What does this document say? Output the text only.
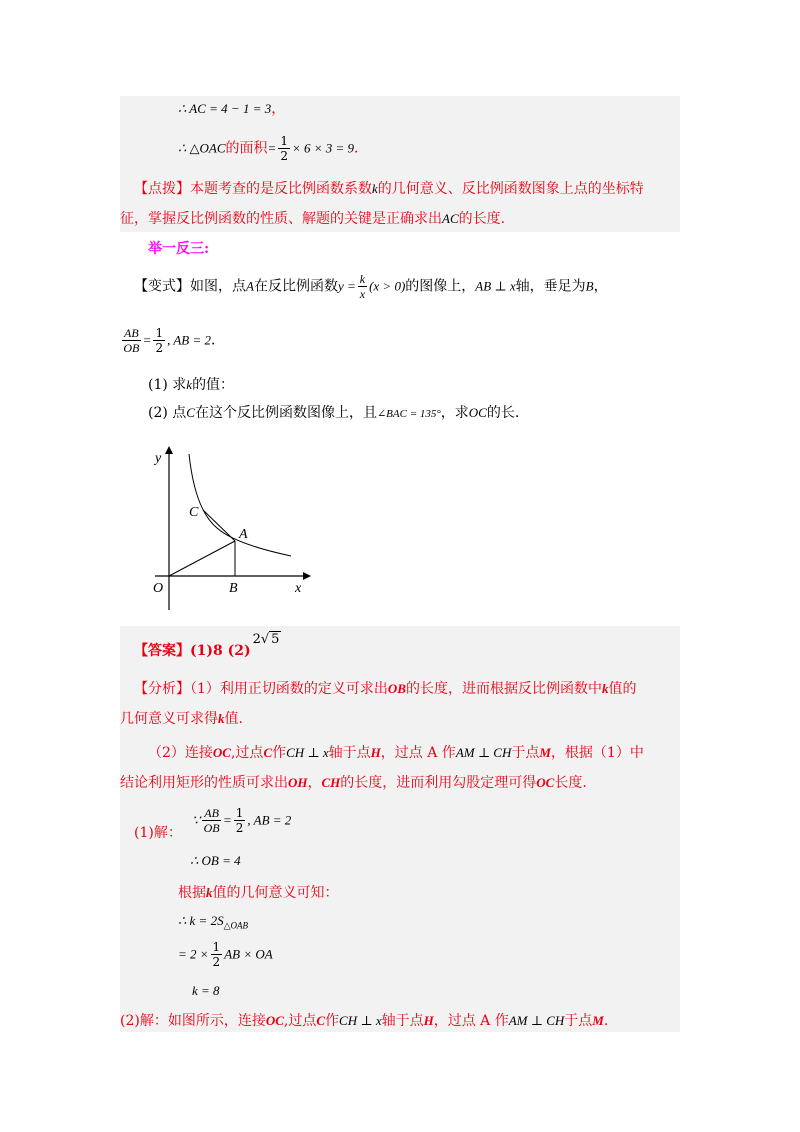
∴ AC = 4 − 1 = 3，
∴ △OAC的面积= $\frac{1}{2} \times 6 \times 3 = 9$．
【点拨】本题考查的是反比例函数系数k的几何意义、反比例函数图象上点的坐标特
征，掌握反比例函数的性质、解题的关键是正确求出AC的长度.
举一反三:
【变式】如图，点A在反比例函数$y = \frac{k}{x} (x > 0)$的图像上，AB ⊥ x轴，垂足为B，
$\frac{AB}{OB} = \frac{1}{2}$ , AB = 2．
(1) 求k的值：
(2) 点C在这个反比例函数图像上，且∠BAC = 135°，求OC的长.
y
x
O
A
B
C
【答案】(1)8 (2)2√ 5
【分析】（1）利用正切函数的定义可求出OB的长度，进而根据反比例函数中k值的
几何意义可求得k值.
（2）连接OC,过点C作CH ⊥ x轴于点H，过点 A 作AM ⊥ CH于点M，根据（1）中
结论利用矩形的性质可求出OH，CH的长度，进而利用勾股定理可得OC长度.
(1)解：
∵ $\frac{AB}{OB} = \frac{1}{2}$ , AB = 2
∴ OB = 4
根据k值的几何意义可知：
∴ $k = 2S_{\triangle OAB}$
= $2 \times \frac{1}{2}$ AB × OA
k = 8
(2)解：如图所示，连接OC,过点C作CH ⊥ x轴于点H，过点 A 作AM ⊥ CH于点M.
